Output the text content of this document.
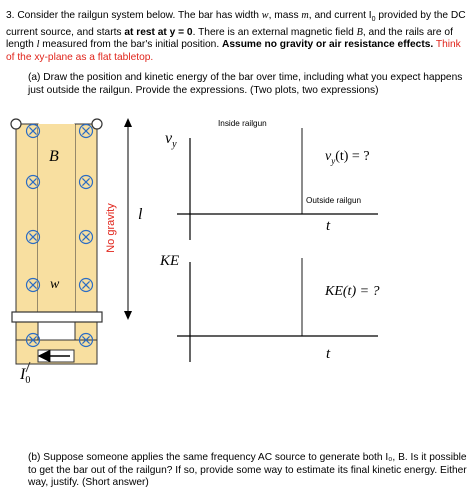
3. Consider the railgun system below. The bar has width w, mass m, and current $I_0$ provided by the DC current source, and starts at rest at y = 0. There is an external magnetic field B, and the rails are of length l measured from the bar's initial position. Assume no gravity or air resistance effects. Think of the xy-plane as a flat tabletop.
(a) Draw the position and kinetic energy of the bar over time, including what you expect happens just outside the railgun. Provide the expressions. (Two plots, two expressions)
B
w
$I_0$
l
No gravity
$v_y$
Inside railgun
Outside railgun
$v_y(t)$ = ?
t
KE
KE(t) = ?
t
(b) Suppose someone applies the same frequency AC source to generate both I₀, B. Is it possible to get the bar out of the railgun? If so, provide some way to estimate its final kinetic energy. Either way, justify. (Short answer)
